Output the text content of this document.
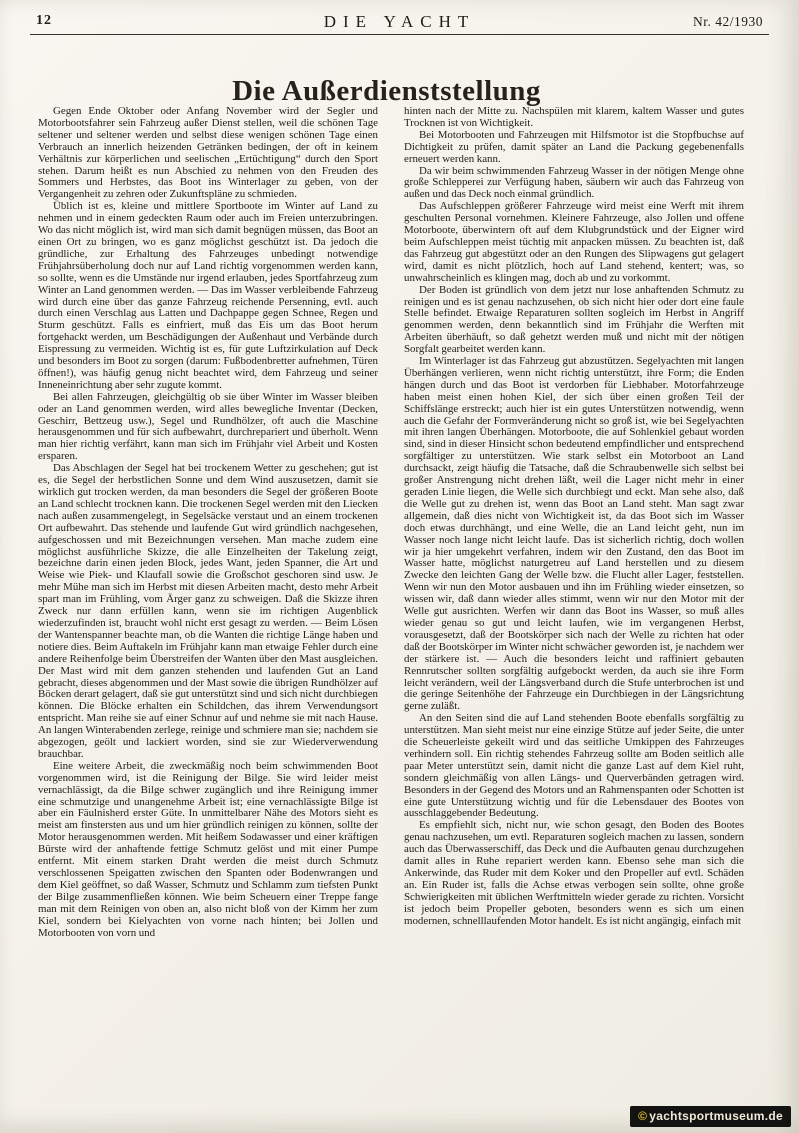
12	DIE YACHT	Nr. 42/1930
Die Außerdienststellung

Gegen Ende Oktober oder Anfang November wird der Segler und Motorbootsfahrer sein Fahrzeug außer Dienst stellen, weil die schönen Tage seltener und seltener werden und selbst diese wenigen schönen Tage einen Verbrauch an innerlich heizenden Getränken bedingen, der oft in keinem Verhältnis zur körperlichen und seelischen „Ertüchtigung“ durch den Sport stehen. Darum heißt es nun Abschied zu nehmen von den Freuden des Sommers und Herbstes, das Boot ins Winterlager zu geben, von der Vergangenheit zu zehren oder Zukunftspläne zu schmieden.

Üblich ist es, kleine und mittlere Sportboote im Winter auf Land zu nehmen und in einem gedeckten Raum oder auch im Freien unterzubringen. Wo das nicht möglich ist, wird man sich damit begnügen müssen, das Boot an einen Ort zu bringen, wo es ganz möglichst geschützt ist. Da jedoch die gründliche, zur Erhaltung des Fahrzeuges unbedingt notwendige Frühjahrsüberholung doch nur auf Land richtig vorgenommen werden kann, so sollte, wenn es die Umstände nur irgend erlauben, jedes Sportfahrzeug zum Winter an Land genommen werden. — Das im Wasser verbleibende Fahrzeug wird durch eine über das ganze Fahrzeug reichende Persenning, evtl. auch durch einen Verschlag aus Latten und Dachpappe gegen Schnee, Regen und Sturm geschützt. Falls es einfriert, muß das Eis um das Boot herum fortgehackt werden, um Beschädigungen der Außenhaut und Verbände durch Eispressung zu vermeiden. Wichtig ist es, für gute Luftzirkulation auf Deck und besonders im Boot zu sorgen (darum: Fußbodenbretter aufnehmen, Türen öffnen!), was häufig genug nicht beachtet wird, dem Fahrzeug und seiner Inneneinrichtung aber sehr zugute kommt.

Bei allen Fahrzeugen, gleichgültig ob sie über Winter im Wasser bleiben oder an Land genommen werden, wird alles bewegliche Inventar (Decken, Geschirr, Bettzeug usw.), Segel und Rundhölzer, oft auch die Maschine herausgenommen und für sich aufbewahrt, durchrepariert und überholt. Wenn man hier richtig verfährt, kann man sich im Frühjahr viel Arbeit und Kosten ersparen.

Das Abschlagen der Segel hat bei trockenem Wetter zu geschehen; gut ist es, die Segel der herbstlichen Sonne und dem Wind auszusetzen, damit sie wirklich gut trocken werden, da man besonders die Segel der größeren Boote an Land schlecht trocknen kann. Die trockenen Segel werden mit den Liecken nach außen zusammengelegt, in Segelsäcke verstaut und an einem trockenen Ort aufbewahrt. Das stehende und laufende Gut wird gründlich nachgesehen, aufgeschossen und mit Bezeichnungen versehen. Man mache zudem eine möglichst ausführliche Skizze, die alle Einzelheiten der Takelung zeigt, bezeichne darin einen jeden Block, jedes Want, jeden Spanner, die Art und Weise wie Piek- und Klaufall sowie die Großschot geschoren sind usw. Je mehr Mühe man sich im Herbst mit diesen Arbeiten macht, desto mehr Arbeit spart man im Frühling, vom Ärger ganz zu schweigen. Daß die Skizze ihren Zweck nur dann erfüllen kann, wenn sie im richtigen Augenblick wiederzufinden ist, braucht wohl nicht erst gesagt zu werden. — Beim Lösen der Wantenspanner beachte man, ob die Wanten die richtige Länge haben und notiere dies. Beim Auftakeln im Frühjahr kann man etwaige Fehler durch eine andere Reihenfolge beim Überstreifen der Wanten über den Mast ausgleichen. Der Mast wird mit dem ganzen stehenden und laufenden Gut an Land gebracht, dieses abgenommen und der Mast sowie die übrigen Rundhölzer auf Böcken derart gelagert, daß sie gut unterstützt sind und sich nicht durchbiegen können. Die Blöcke erhalten ein Schildchen, das ihrem Verwendungsort entspricht. Man reihe sie auf einer Schnur auf und nehme sie mit nach Hause. An langen Winterabenden zerlege, reinige und schmiere man sie; nachdem sie abgezogen, geölt und lackiert worden, sind sie zur Wiederverwendung brauchbar.

Eine weitere Arbeit, die zweckmäßig noch beim schwimmenden Boot vorgenommen wird, ist die Reinigung der Bilge. Sie wird leider meist vernachlässigt, da die Bilge schwer zugänglich und ihre Reinigung immer eine schmutzige und unangenehme Arbeit ist; eine vernachlässigte Bilge ist aber ein Fäulnisherd erster Güte. In unmittelbarer Nähe des Motors sieht es meist am finstersten aus und um hier gründlich reinigen zu können, sollte der Motor herausgenommen werden. Mit heißem Sodawasser und einer kräftigen Bürste wird der anhaftende fettige Schmutz gelöst und mit einer Pumpe entfernt. Mit einem starken Draht werden die meist durch Schmutz verschlossenen Speigatten zwischen den Spanten oder Bodenwrangen und dem Kiel geöffnet, so daß Wasser, Schmutz und Schlamm zum tiefsten Punkt der Bilge zusammenfließen können. Wie beim Scheuern einer Treppe fange man mit dem Reinigen von oben an, also nicht bloß von der Kimm her zum Kiel, sondern bei Kielyachten von vorne nach hinten; bei Jollen und Motorbooten von vorn und

hinten nach der Mitte zu. Nachspülen mit klarem, kaltem Wasser und gutes Trocknen ist von Wichtigkeit.

Bei Motorbooten und Fahrzeugen mit Hilfsmotor ist die Stopfbuchse auf Dichtigkeit zu prüfen, damit später an Land die Packung gegebenenfalls erneuert werden kann.

Da wir beim schwimmenden Fahrzeug Wasser in der nötigen Menge ohne große Schlepperei zur Verfügung haben, säubern wir auch das Fahrzeug von außen und das Deck noch einmal gründlich.

Das Aufschleppen größerer Fahrzeuge wird meist eine Werft mit ihrem geschulten Personal vornehmen. Kleinere Fahrzeuge, also Jollen und offene Motorboote, überwintern oft auf dem Klubgrundstück und der Eigner wird beim Aufschleppen meist tüchtig mit anpacken müssen. Zu beachten ist, daß das Fahrzeug gut abgestützt oder an den Rungen des Slipwagens gut gelagert wird, damit es nicht plötzlich, hoch auf Land stehend, kentert; was, so unwahrscheinlich es klingen mag, doch ab und zu vorkommt.

Der Boden ist gründlich von dem jetzt nur lose anhaftenden Schmutz zu reinigen und es ist genau nachzusehen, ob sich nicht hier oder dort eine faule Stelle befindet. Etwaige Reparaturen sollten sogleich im Herbst in Angriff genommen werden, denn bekanntlich sind im Frühjahr die Werften mit Arbeiten überhäuft, so daß gehetzt werden muß und nicht mit der nötigen Sorgfalt gearbeitet werden kann.

Im Winterlager ist das Fahrzeug gut abzustützen. Segelyachten mit langen Überhängen verlieren, wenn nicht richtig unterstützt, ihre Form; die Enden hängen durch und das Boot ist verdorben für Liebhaber. Motorfahrzeuge haben meist einen hohen Kiel, der sich über einen großen Teil der Schiffslänge erstreckt; auch hier ist ein gutes Unterstützen notwendig, wenn auch die Gefahr der Formveränderung nicht so groß ist, wie bei Segelyachten mit ihren langen Überhängen. Motorboote, die auf Sohlenkiel gebaut worden sind, sind in dieser Hinsicht schon bedeutend empfindlicher und entsprechend sorgfältiger zu unterstützen. Wie stark selbst ein Motorboot an Land durchsackt, zeigt häufig die Tatsache, daß die Schraubenwelle sich selbst bei großer Anstrengung nicht drehen läßt, weil die Lager nicht mehr in einer geraden Linie liegen, die Welle sich durchbiegt und eckt. Man sehe also, daß die Welle gut zu drehen ist, wenn das Boot an Land steht. Man sagt zwar allgemein, daß dies nicht von Wichtigkeit ist, da das Boot sich im Wasser doch etwas durchhängt, und eine Welle, die an Land leicht geht, nun im Wasser noch lange nicht leicht laufe. Das ist sicherlich richtig, doch wollen wir ja hier umgekehrt verfahren, indem wir den Zustand, den das Boot im Wasser hatte, möglichst naturgetreu auf Land herstellen und zu diesem Zwecke den leichten Gang der Welle bzw. die Flucht aller Lager, feststellen. Wenn wir nun den Motor ausbauen und ihn im Frühling wieder einsetzen, so wissen wir, daß dann wieder alles stimmt, wenn wir nur den Motor mit der Welle gut ausrichten. Werfen wir dann das Boot ins Wasser, so muß alles wieder genau so gut und leicht laufen, wie im vergangenen Herbst, vorausgesetzt, daß der Bootskörper sich nach der Welle zu richten hat oder daß der Bootskörper im Winter nicht schwächer geworden ist, je nachdem wer der stärkere ist. — Auch die besonders leicht und raffiniert gebauten Rennrutscher sollten sorgfältig aufgebockt werden, da auch sie ihre Form leicht verändern, weil der Längsverband durch die Stufe unterbrochen ist und die geringe Seitenhöhe der Fahrzeuge ein Durchbiegen in der Längsrichtung gerne zuläßt.

An den Seiten sind die auf Land stehenden Boote ebenfalls sorgfältig zu unterstützen. Man sieht meist nur eine einzige Stütze auf jeder Seite, die unter die Scheuerleiste gekeilt wird und das seitliche Umkippen des Fahrzeuges verhindern soll. Ein richtig stehendes Fahrzeug sollte am Boden seitlich alle paar Meter unterstützt sein, damit nicht die ganze Last auf dem Kiel ruht, sondern gleichmäßig von allen Längs- und Querverbänden getragen wird. Besonders in der Gegend des Motors und an Rahmenspanten oder Schotten ist eine gute Unterstützung wichtig und für die Lebensdauer des Bootes von ausschlaggebender Bedeutung.

Es empfiehlt sich, nicht nur, wie schon gesagt, den Boden des Bootes genau nachzusehen, um evtl. Reparaturen sogleich machen zu lassen, sondern auch das Überwasserschiff, das Deck und die Aufbauten genau durchzugehen damit alles in Ruhe repariert werden kann. Ebenso sehe man sich die Ankerwinde, das Ruder mit dem Koker und den Propeller auf evtl. Schäden an. Ein Ruder ist, falls die Achse etwas verbogen sein sollte, ohne große Schwierigkeiten mit üblichen Werftmitteln wieder gerade zu richten. Vorsicht ist jedoch beim Propeller geboten, besonders wenn es sich um einen modernen, schnelllaufenden Motor handelt. Es ist nicht angängig, einfach mit

© yachtsportmuseum.de
